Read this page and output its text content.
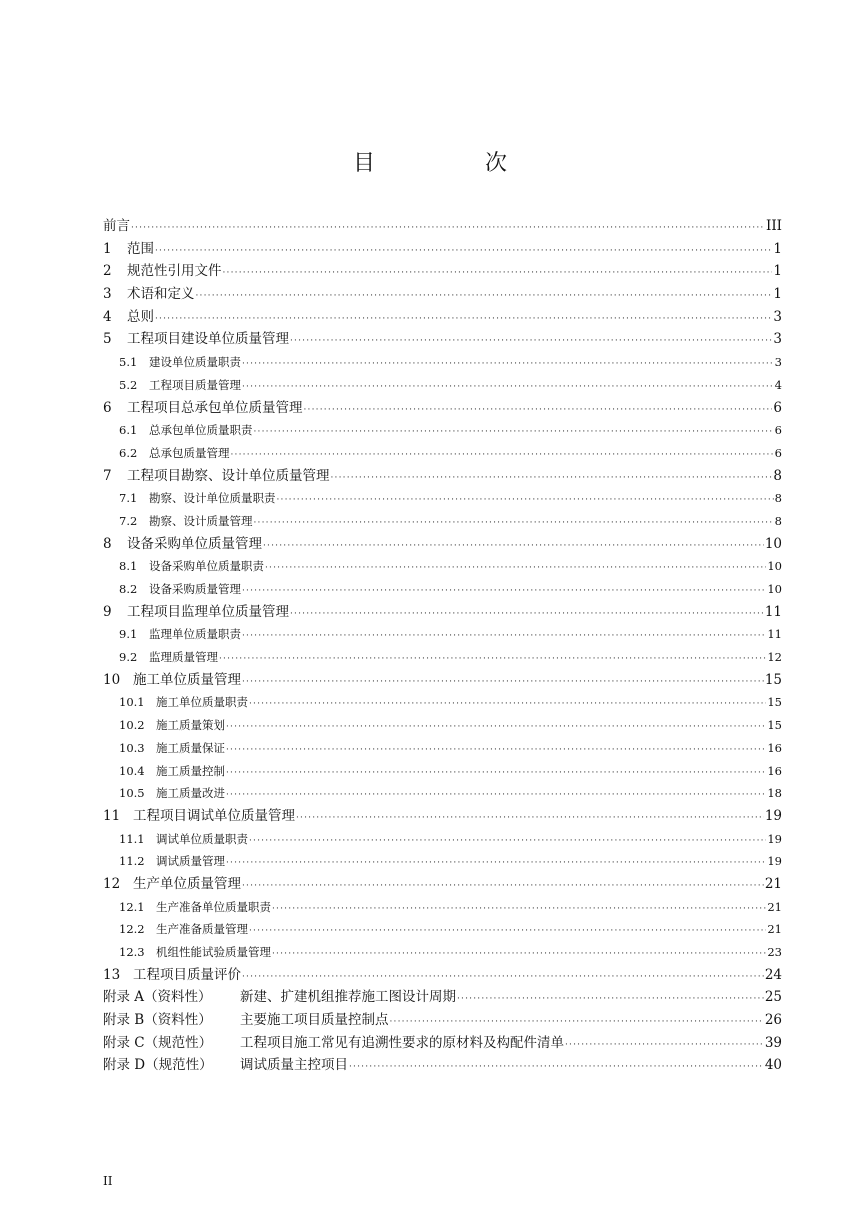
目　次
前言 ·····	III
1	范围 ·····	1
2	规范性引用文件 ·····	1
3	术语和定义 ·····	1
4	总则 ·····	3
5	工程项目建设单位质量管理 ·····	3
5.1	建设单位质量职责 ·····	3
5.2	工程项目质量管理 ·····	4
6	工程项目总承包单位质量管理 ·····	6
6.1	总承包单位质量职责 ·····	6
6.2	总承包质量管理 ·····	6
7	工程项目勘察、设计单位质量管理 ·····	8
7.1	勘察、设计单位质量职责 ·····	8
7.2	勘察、设计质量管理 ·····	8
8	设备采购单位质量管理 ·····	10
8.1	设备采购单位质量职责 ·····	10
8.2	设备采购质量管理 ·····	10
9	工程项目监理单位质量管理 ·····	11
9.1	监理单位质量职责 ·····	11
9.2	监理质量管理 ·····	12
10 施工单位质量管理 ·····	15
10.1 施工单位质量职责 ·····	15
10.2 施工质量策划 ·····	15
10.3 施工质量保证 ·····	16
10.4 施工质量控制 ·····	16
10.5 施工质量改进 ·····	18
11 工程项目调试单位质量管理 ·····	19
11.1 调试单位质量职责 ·····	19
11.2 调试质量管理 ·····	19
12 生产单位质量管理 ·····	21
12.1 生产准备单位质量职责 ·····	21
12.2 生产准备质量管理 ·····	21
12.3 机组性能试验质量管理 ·····	23
13 工程项目质量评价 ·····	24
附录 A（资料性）	新建、扩建机组推荐施工图设计周期 ·····	25
附录 B（资料性）	主要施工项目质量控制点 ·····	26
附录 C（规范性）	工程项目施工常见有追溯性要求的原材料及构配件清单 ·····	39
附录 D（规范性）	调试质量主控项目 ·····	40
II
